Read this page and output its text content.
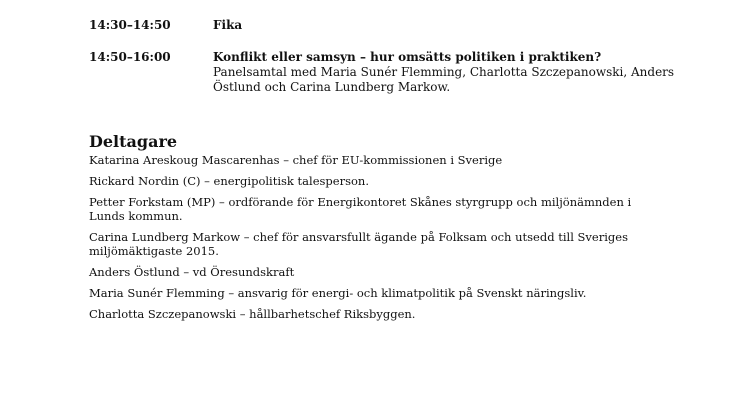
14:30–14:50	Fika
14:50–16:00	Konflikt eller samsyn – hur omsätts politiken i praktiken?
Panelsamtal med Maria Sunér Flemming, Charlotta Szczepanowski, Anders Östlund och Carina Lundberg Markow.
Deltagare
Katarina Areskoug Mascarenhas – chef för EU-kommissionen i Sverige
Rickard Nordin (C) – energipolitisk talesperson.
Petter Forkstam (MP) – ordförande för Energikontoret Skånes styrgrupp och miljönämnden i Lunds kommun.
Carina Lundberg Markow – chef för ansvarsfullt ägande på Folksam och utsedd till Sveriges miljömäktigaste 2015.
Anders Östlund – vd Öresundskraft
Maria Sunér Flemming – ansvarig för energi- och klimatpolitik på Svenskt näringsliv.
Charlotta Szczepanowski – hållbarhetschef Riksbyggen.
